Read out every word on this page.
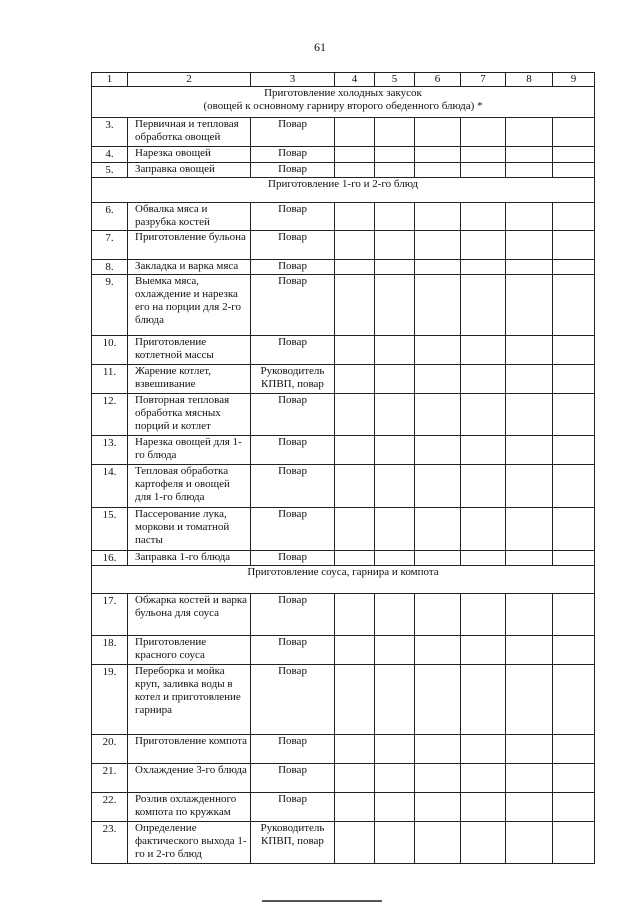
61
1	2	3	4	5	6	7	8	9

Приготовление холодных закусок
(овощей к основному гарниру второго обеденного блюда) *								

3.	Первичная и тепловая обработка овощей	Повар						
4.	Нарезка овощей	Повар						
5.	Заправка овощей	Повар						

Приготовление 1-го и 2-го блюд								

6.	Обвалка мяса и разрубка костей	Повар						
7.	Приготовление бульона	Повар						
8.	Закладка и варка мяса	Повар						
9.	Выемка мяса, охлаждение и нарезка его на порции для 2-го блюда	Повар						
10.	Приготовление котлетной массы	Повар						
11.	Жарение котлет, взвешивание	Руководитель КПВП, повар						
12.	Повторная тепловая обработка мясных порций и котлет	Повар						
13.	Нарезка овощей для 1-го блюда	Повар						
14.	Тепловая обработка картофеля и овощей для 1-го блюда	Повар						
15.	Пассерование лука, моркови и томатной пасты	Повар						
16.	Заправка 1-го блюда	Повар						

Приготовление соуса, гарнира и компота								

17.	Обжарка костей и варка бульона для соуса	Повар						
18.	Приготовление красного соуса	Повар						
19.	Переборка и мойка круп, заливка воды в котел и приготовление гарнира	Повар						
20.	Приготовление компота	Повар						
21.	Охлаждение 3-го блюда	Повар						
22.	Розлив охлажденного компота по кружкам	Повар						
23.	Определение фактического выхода 1-го и 2-го блюд	Руководитель КПВП, повар						
